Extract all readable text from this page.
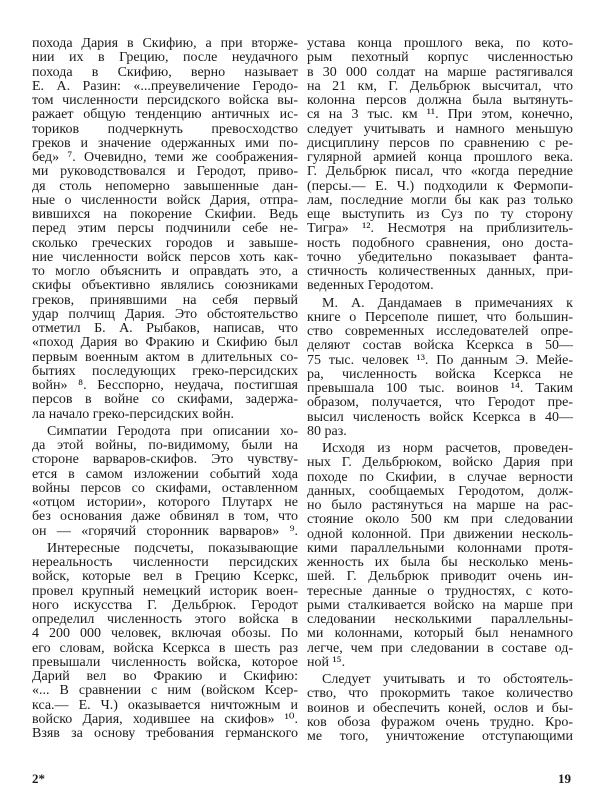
похода Дария в Скифию, а при вторже-
нии их в Грецию, после неудачного
похода в Скифию, верно называет
Е. А. Разин: «...преувеличение Геродо-
том численности персидского войска вы-
ражает общую тенденцию античных ис-
ториков подчеркнуть превосходство
греков и значение одержанных ими по-
бед» ⁷. Очевидно, теми же соображения-
ми руководствовался и Геродот, приво-
дя столь непомерно завышенные дан-
ные о численности войск Дария, отпра-
вившихся на покорение Скифии. Ведь
перед этим персы подчинили себе не-
сколько греческих городов и завыше-
ние численности войск персов хоть как-
то могло объяснить и оправдать это, а
скифы объективно являлись союзниками
греков, принявшими на себя первый
удар полчищ Дария. Это обстоятельство
отметил Б. А. Рыбаков, написав, что
«поход Дария во Фракию и Скифию был
первым военным актом в длительных со-
бытиях последующих греко-персидских
войн» ⁸. Бесспорно, неудача, постигшая
персов в войне со скифами, задержа-
ла начало греко-персидских войн.
Симпатии Геродота при описании хо-
да этой войны, по-видимому, были на
стороне варваров-скифов. Это чувству-
ется в самом изложении событий хода
войны персов со скифами, оставленном
«отцом истории», которого Плутарх не
без основания даже обвинял в том, что
он — «горячий сторонник варваров» ⁹.
Интересные подсчеты, показывающие
нереальность численности персидских
войск, которые вел в Грецию Ксеркс,
провел крупный немецкий историк воен-
ного искусства Г. Дельбрюк. Геродот
определил численность этого войска в
4 200 000 человек, включая обозы. По
его словам, войска Ксеркса в шесть раз
превышали численность войска, которое
Дарий вел во Фракию и Скифию:
«... В сравнении с ним (войском Ксер-
кса.— Е. Ч.) оказывается ничтожным и
войско Дария, ходившее на скифов» ¹⁰.
Взяв за основу требования германского
устава конца прошлого века, по кото-
рым пехотный корпус численностью
в 30 000 солдат на марше растягивался
на 21 км, Г. Дельбрюк высчитал, что
колонна персов должна была вытянуть-
ся на 3 тыс. км ¹¹. При этом, конечно,
следует учитывать и намного меньшую
дисциплину персов по сравнению с ре-
гулярной армией конца прошлого века.
Г. Дельбрюк писал, что «когда передние
(персы.— Е. Ч.) подходили к Фермопи-
лам, последние могли бы как раз только
еще выступить из Суз по ту сторону
Тигра» ¹². Несмотря на приблизитель-
ность подобного сравнения, оно доста-
точно убедительно показывает фанта-
стичность количественных данных, при-
веденных Геродотом.
М. А. Дандамаев в примечаниях к
книге о Персеполе пишет, что большин-
ство современных исследователей опре-
деляют состав войска Ксеркса в 50—
75 тыс. человек ¹³. По данным Э. Мейе-
ра, численность войска Ксеркса не
превышала 100 тыс. воинов ¹⁴. Таким
образом, получается, что Геродот пре-
высил численость войск Ксеркса в 40—
80 раз.
Исходя из норм расчетов, проведен-
ных Г. Дельбрюком, войско Дария при
походе по Скифии, в случае верности
данных, сообщаемых Геродотом, долж-
но было растянуться на марше на рас-
стояние около 500 км при следовании
одной колонной. При движении несколь-
кими параллельными колоннами протя-
женность их была бы несколько мень-
шей. Г. Дельбрюк приводит очень ин-
тересные данные о трудностях, с кото-
рыми сталкивается войско на марше при
следовании несколькими параллельны-
ми колоннами, который был ненамного
легче, чем при следовании в составе од-
ной ¹⁵.
Следует учитывать и то обстоятель-
ство, что прокормить такое количество
воинов и обеспечить коней, ослов и бы-
ков обоза фуражом очень трудно. Кро-
ме того, уничтожение отступающими
2*	19
